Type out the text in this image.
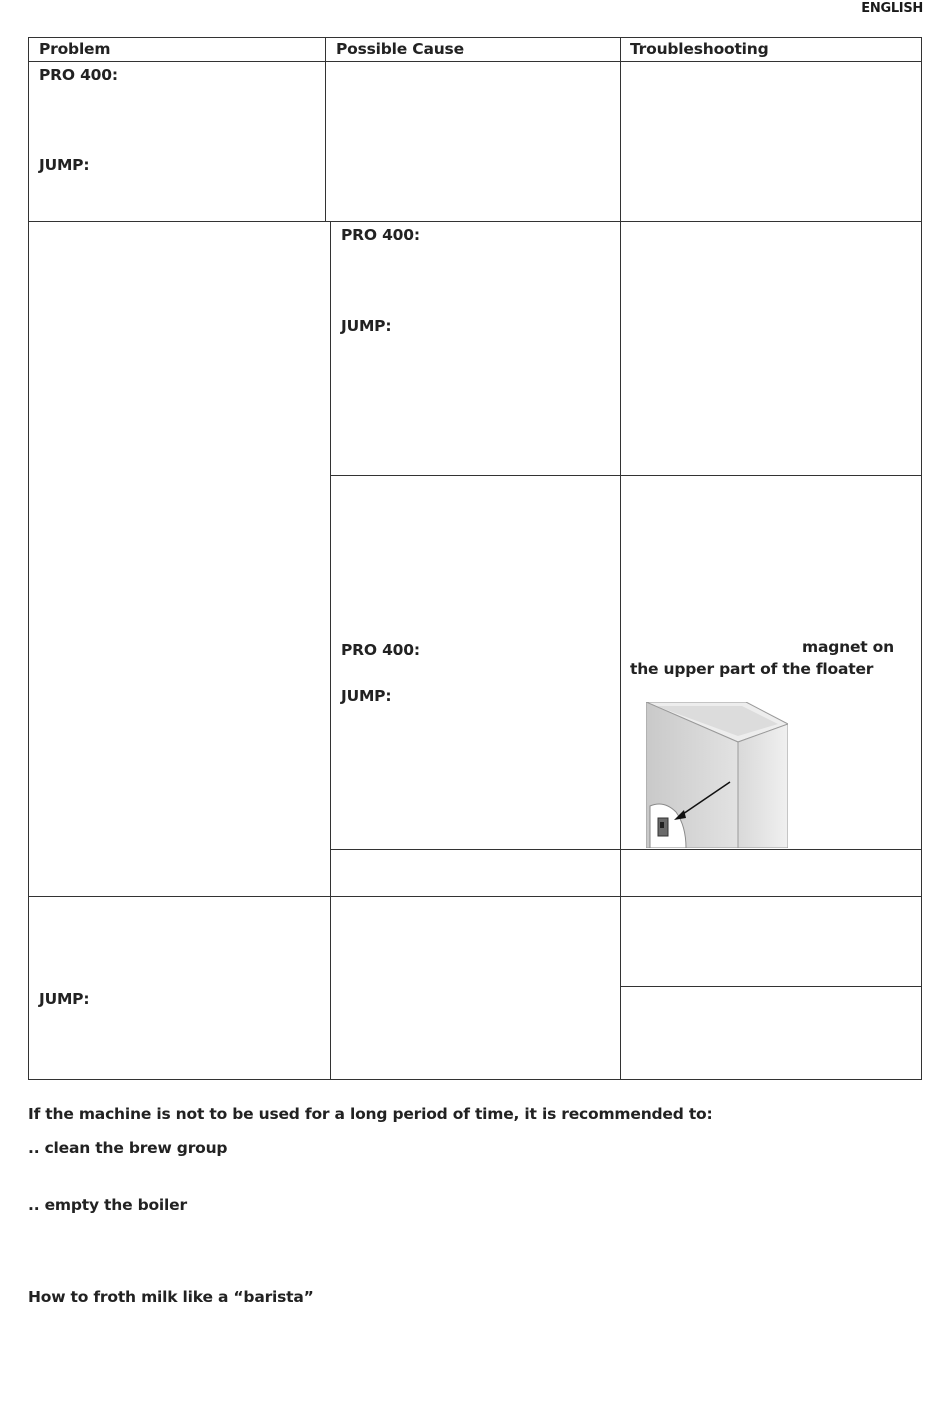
ENGLISH
Problem	Possible Cause	Troubleshooting
PRO 400:
JUMP:
PRO 400:
JUMP:
PRO 400:
JUMP:
magnet on
the upper part of the floater
JUMP:
If the machine is not to be used for a long period of time, it is recommended to:
.. clean the brew group
.. empty the boiler
How to froth milk like a “barista”
